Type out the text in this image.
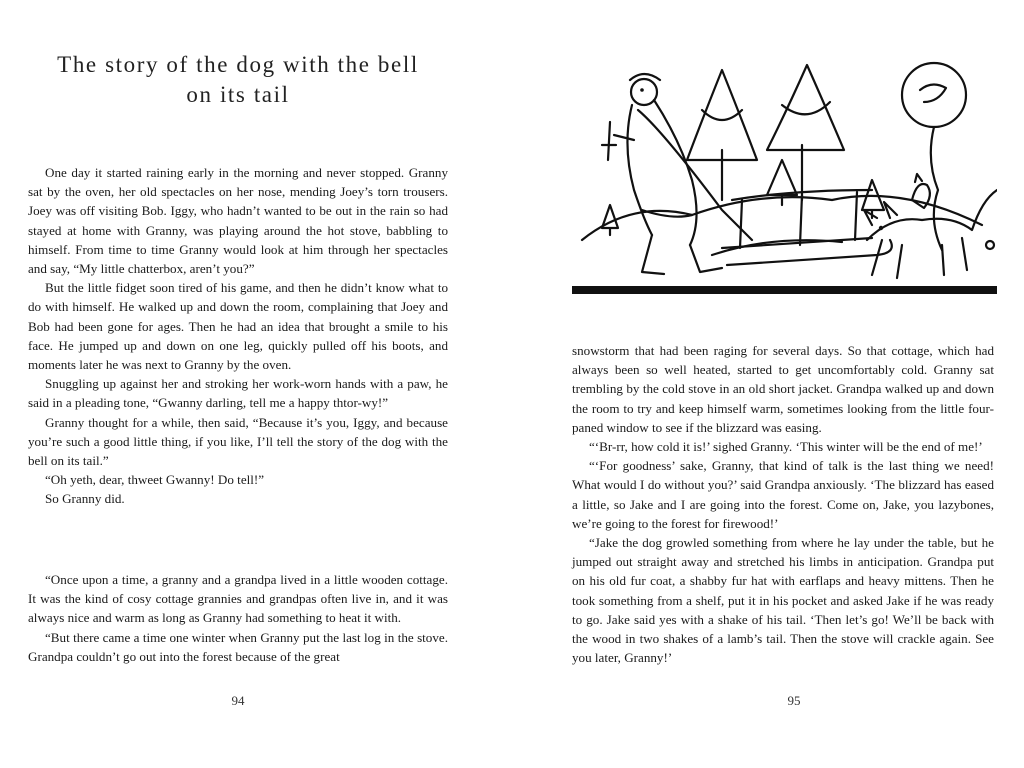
The story of the dog with the bell
on its tail

One day it started raining early in the morning and never stopped. Granny sat by the oven, her old spectacles on her nose, mending Joey’s torn trousers. Joey was off visiting Bob. Iggy, who hadn’t wanted to be out in the rain so had stayed at home with Granny, was playing around the hot stove, babbling to himself. From time to time Granny would look at him through her spectacles and say, “My little chatterbox, aren’t you?”

But the little fidget soon tired of his game, and then he didn’t know what to do with himself. He walked up and down the room, complaining that Joey and Bob had been gone for ages. Then he had an idea that brought a smile to his face. He jumped up and down on one leg, quickly pulled off his boots, and moments later he was next to Granny by the oven.

Snuggling up against her and stroking her work-worn hands with a paw, he said in a pleading tone, “Gwanny darling, tell me a happy thtor-wy!”

Granny thought for a while, then said, “Because it’s you, Iggy, and because you’re such a good little thing, if you like, I’ll tell the story of the dog with the bell on its tail.”

“Oh yeth, dear, thweet Gwanny! Do tell!”

So Granny did.

“Once upon a time, a granny and a grandpa lived in a little wooden cottage. It was the kind of cosy cottage grannies and grandpas often live in, and it was always nice and warm as long as Granny had something to heat it with.

“But there came a time one winter when Granny put the last log in the stove. Grandpa couldn’t go out into the forest because of the great

94

snowstorm that had been raging for several days. So that cottage, which had always been so well heated, started to get uncomfortably cold. Granny sat trembling by the cold stove in an old short jacket. Grandpa walked up and down the room to try and keep himself warm, sometimes looking from the little four-paned window to see if the blizzard was easing.

“‘Br-rr, how cold it is!’ sighed Granny. ‘This winter will be the end of me!’

“‘For goodness’ sake, Granny, that kind of talk is the last thing we need! What would I do without you?’ said Grandpa anxiously. ‘The blizzard has eased a little, so Jake and I are going into the forest. Come on, Jake, you lazybones, we’re going to the forest for firewood!’

“Jake the dog growled something from where he lay under the table, but he jumped out straight away and stretched his limbs in anticipation. Grandpa put on his old fur coat, a shabby fur hat with earflaps and heavy mittens. Then he took something from a shelf, put it in his pocket and asked Jake if he was ready to go. Jake said yes with a shake of his tail. ‘Then let’s go! We’ll be back with the wood in two shakes of a lamb’s tail. Then the stove will crackle again. See you later, Granny!’

95
